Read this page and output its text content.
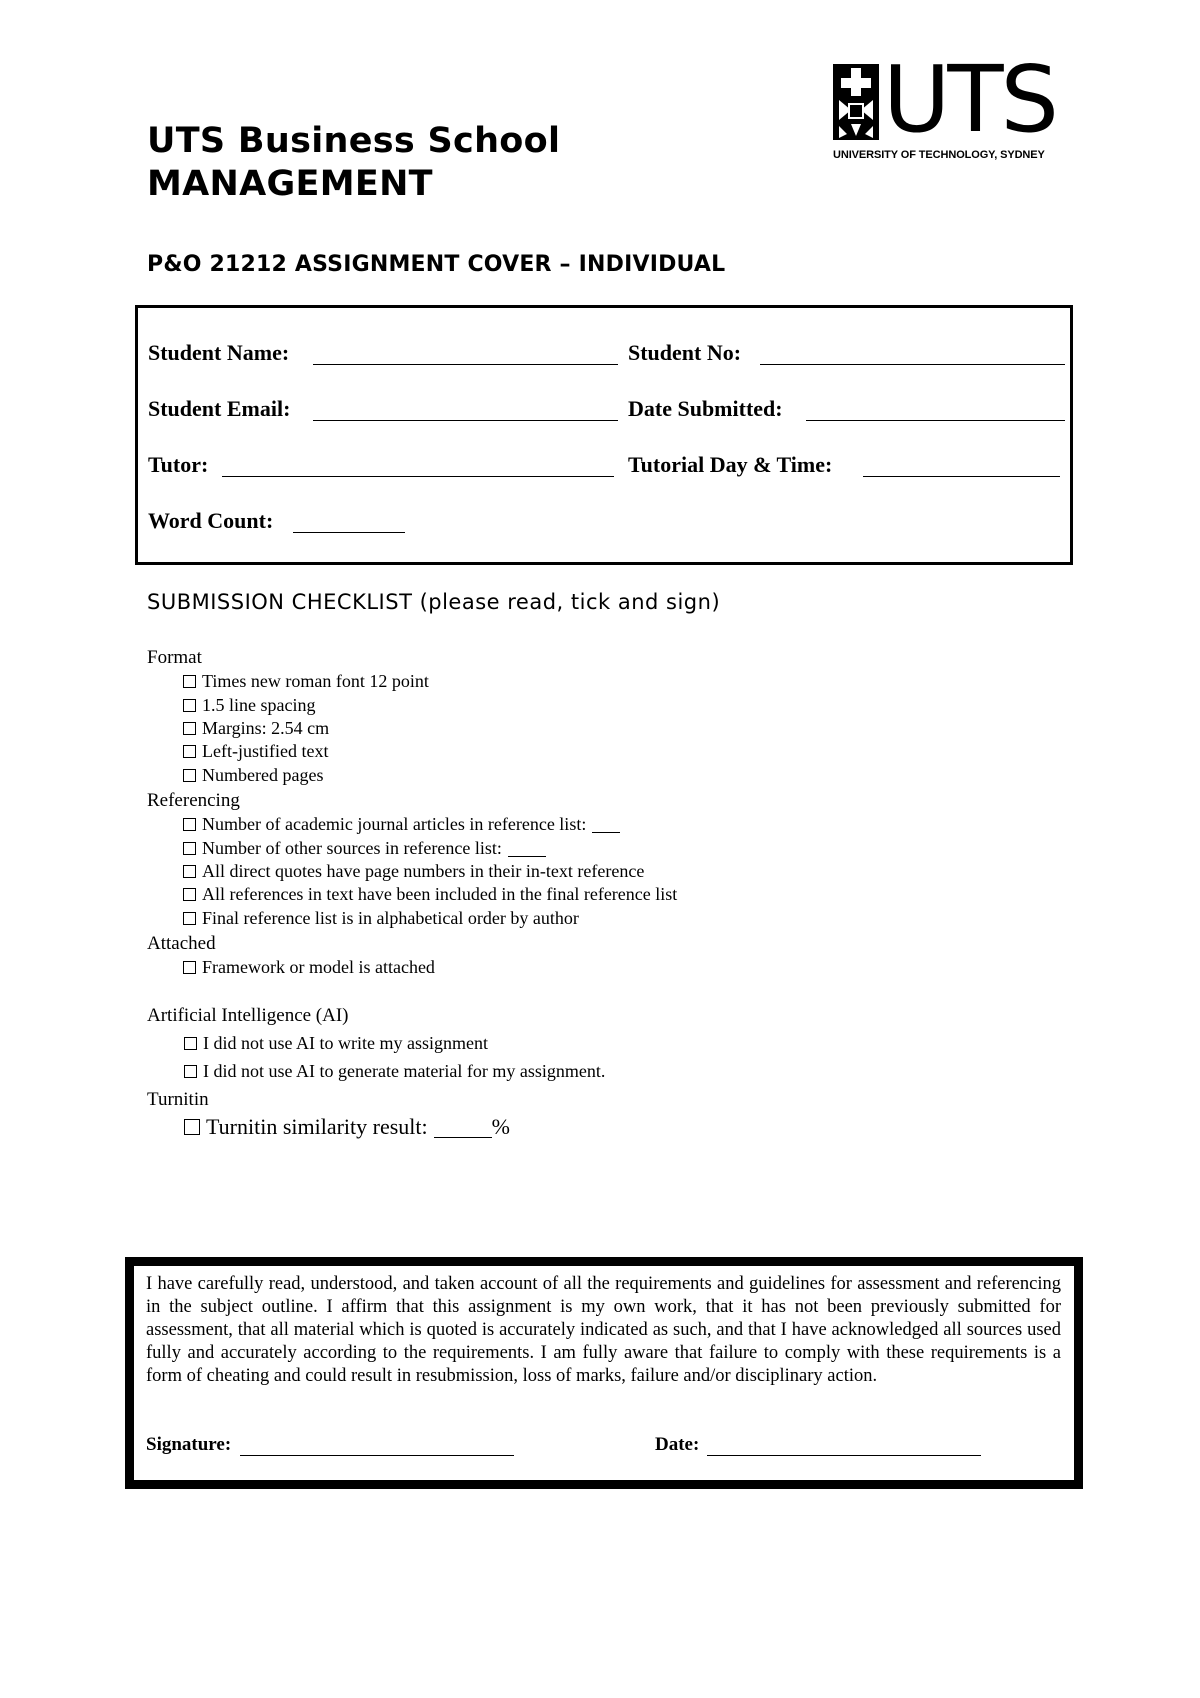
UTS Business School
MANAGEMENT
UTS
UNIVERSITY OF TECHNOLOGY, SYDNEY
P&O 21212 ASSIGNMENT COVER – INDIVIDUAL
Student Name:	Student No:
Student Email:	Date Submitted:
Tutor:	Tutorial Day & Time:
Word Count:
SUBMISSION CHECKLIST (please read, tick and sign)
Format
Times new roman font 12 point
1.5 line spacing
Margins: 2.54 cm
Left-justified text
Numbered pages
Referencing
Number of academic journal articles in reference list:
Number of other sources in reference list:
All direct quotes have page numbers in their in-text reference
All references in text have been included in the final reference list
Final reference list is in alphabetical order by author
Attached
Framework or model is attached
Artificial Intelligence (AI)
I did not use AI to write my assignment
I did not use AI to generate material for my assignment.
Turnitin
Turnitin similarity result:	%
I have carefully read, understood, and taken account of all the requirements and guidelines for assessment and referencing in the subject outline. I affirm that this assignment is my own work, that it has not been previously submitted for assessment, that all material which is quoted is accurately indicated as such, and that I have acknowledged all sources used fully and accurately according to the requirements. I am fully aware that failure to comply with these requirements is a form of cheating and could result in resubmission, loss of marks, failure and/or disciplinary action.
Signature:	Date:
